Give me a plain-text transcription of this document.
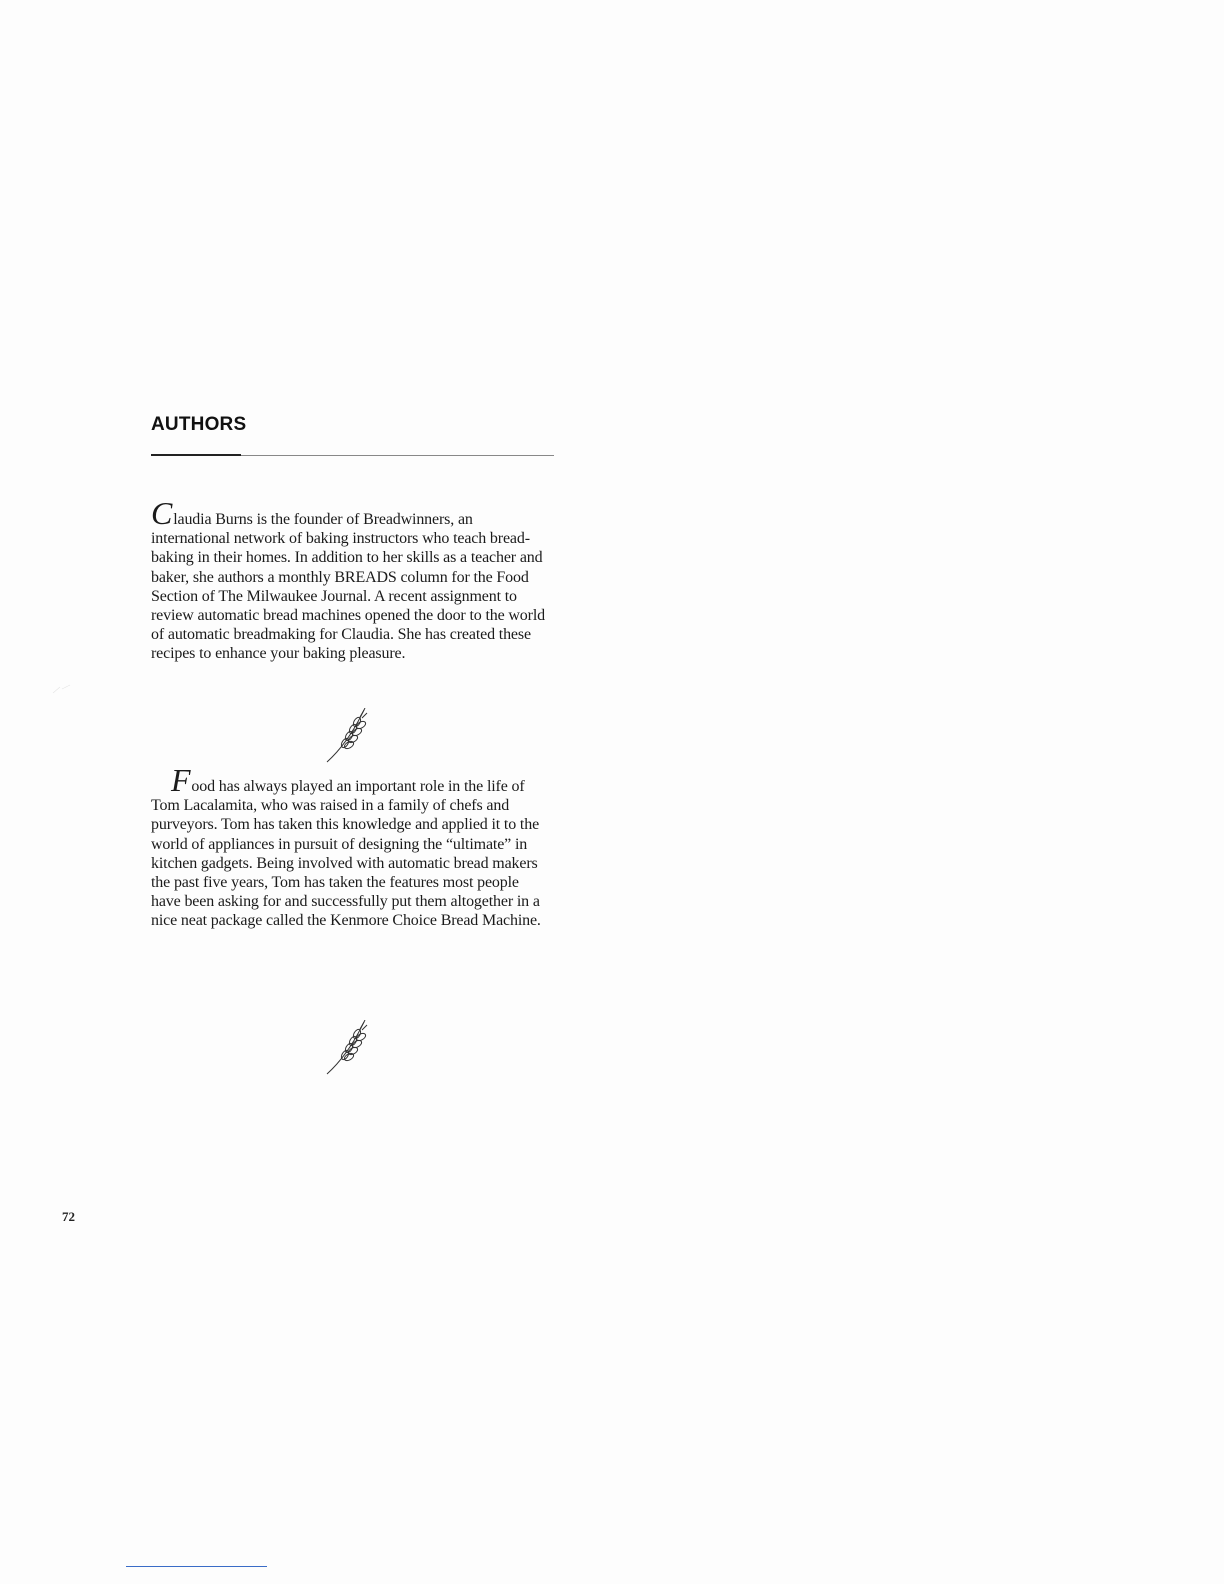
AUTHORS

Claudia Burns is the founder of Breadwinners, an international network of baking instructors who teach bread-baking in their homes. In addition to her skills as a teacher and baker, she authors a monthly BREADS column for the Food Section of The Milwaukee Journal. A recent assignment to review automatic bread machines opened the door to the world of automatic breadmaking for Claudia. She has created these recipes to enhance your baking pleasure.

Food has always played an important role in the life of Tom Lacalamita, who was raised in a family of chefs and purveyors. Tom has taken this knowledge and applied it to the world of appliances in pursuit of designing the “ultimate” in kitchen gadgets. Being involved with automatic bread makers the past five years, Tom has taken the features most people have been asking for and successfully put them altogether in a nice neat package called the Kenmore Choice Bread Machine.

72
